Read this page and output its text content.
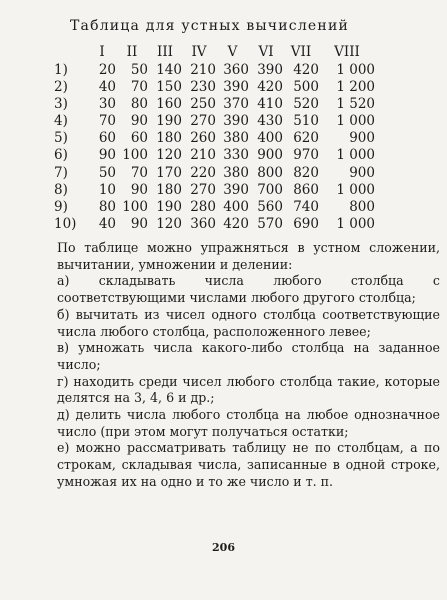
Таблица для устных вычислений
	I	II	III	IV	V	VI	VII	VIII
1)	20	50	140	210	360	390	420	1 000
2)	40	70	150	230	390	420	500	1 200
3)	30	80	160	250	370	410	520	1 520
4)	70	90	190	270	390	430	510	1 000
5)	60	60	180	260	380	400	620	900
6)	90	100	120	210	330	900	970	1 000
7)	50	70	170	220	380	800	820	900
8)	10	90	180	270	390	700	860	1 000
9)	80	100	190	280	400	560	740	800
10)	40	90	120	360	420	570	690	1 000

По таблице можно упражняться в устном сложении, вычитании, умножении и делении:

а) складывать числа любого столбца с соответствующими числами любого другого столбца;

б) вычитать из чисел одного столбца соответствующие числа любого столбца, расположенного левее;

в) умножать числа какого-либо столбца на заданное число;

г) находить среди чисел любого столбца такие, которые делятся на 3, 4, 6 и др.;

д) делить числа любого столбца на любое однозначное число (при этом могут получаться остатки;

е) можно рассматривать таблицу не по столбцам, а по строкам, складывая числа, записанные в одной строке, умножая их на одно и то же число и т. п.

206
